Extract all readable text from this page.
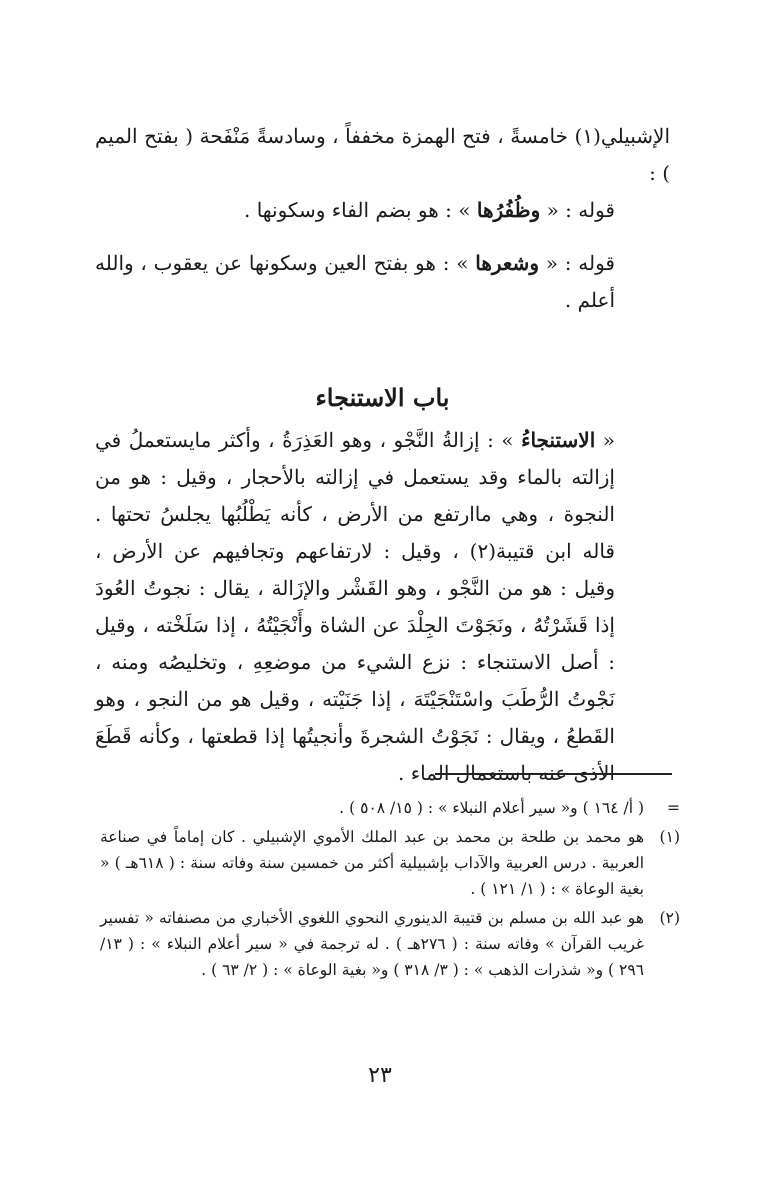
الإشبيلي(١) خامسةً ، فتح الهمزة مخففاً ، وسادسةً مَنْفَحة ( بفتح الميم ) :

قوله : « وظُفُرُها » : هو بضم الفاء وسكونها .

قوله : « وشعرها » : هو بفتح العين وسكونها عن يعقوب ، والله أعلم .

باب الاستنجاء

« الاستنجاءُ » : إزالةُ النَّجْو ، وهو العَذِرَةُ ، وأكثر مايستعملُ في إزالته بالماء وقد يستعمل في إزالته بالأحجار ، وقيل : هو من النجوة ، وهي ماارتفع من الأرض ، كأنه يَطْلُبُها يجلسُ تحتها . قاله ابن قتيبة(٢) ، وقيل : لارتفاعهم وتجافيهم عن الأرض ، وقيل : هو من النَّجْو ، وهو القَشْر والإزَالة ، يقال : نجوتُ العُودَ إذا قَشَرْتُهُ ، ونَجَوْتَ الجِلْدَ عن الشاة وأَنْجَيْتُهُ ، إذا سَلَخْته ، وقيل : أصل الاستنجاء : نزع الشيء من موضعِهِ ، وتخليصُه ومنه ، نَجْوتُ الرُّطَبَ واسْتَنْجَيْتَهَ ، إذا جَنَيْته ، وقيل هو من النجو ، وهو القَطعُ ، ويقال : نَجَوْتُ الشجرةَ وأنجيتُها إذا قطعتها ، وكأنه قَطَعَ الأذى عنه باستعمال الماء .

=
( أ/ ١٦٤ ) و« سير أعلام النبلاء » : ( ١٥/ ٥٠٨ ) .
(١)
هو محمد بن طلحة بن محمد بن عبد الملك الأموي الإشبيلي . كان إماماً في صناعة العربية . درس العربية والآداب بإشبيلية أكثر من خمسين سنة وفاته سنة : ( ٦١٨هـ ) « بغية الوعاة » : ( ١/ ١٢١ ) .
(٢)
هو عبد الله بن مسلم بن قتيبة الدينوري النحوي اللغوي الأخباري من مصنفاته « تفسير غريب القرآن » وفاته سنة : ( ٢٧٦هـ ) . له ترجمة في « سير أعلام النبلاء » : ( ١٣/ ٢٩٦ ) و« شذرات الذهب » : ( ٣/ ٣١٨ ) و« بغية الوعاة » : ( ٢/ ٦٣ ) .
٢٣
